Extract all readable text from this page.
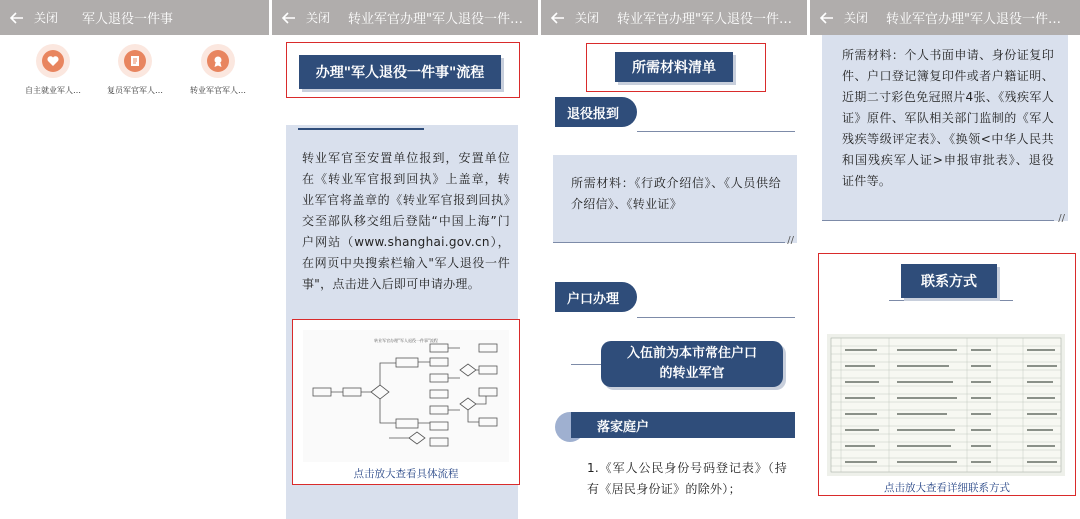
关闭 军人退役一件事
自主就业军人…	复员军官军人…	转业军官军人…
关闭 转业军官办理"军人退役一件…
办理"军人退役一件事"流程

转业军官至安置单位报到，安置单位在《转业军官报到回执》上盖章，转业军官将盖章的《转业军官报到回执》交至部队移交组后登陆“中国上海”门户网站（www.shanghai.gov.cn），在网页中央搜索栏输入"军人退役一件事"，点击进入后即可申请办理。

转业军官办理"军人退役一件事"流程
点击放大查看具体流程
关闭 转业军官办理"军人退役一件…
所需材料清单
退役报到

所需材料：《行政介绍信》、《人员供给介绍信》、《转业证》

//
户口办理
入伍前为本市常住户口的转业军官
落家庭户

1.《军人公民身份号码登记表》（持有《居民身份证》的除外）；

关闭 转业军官办理"军人退役一件…

所需材料：个人书面申请、身份证复印件、户口登记簿复印件或者户籍证明、近期二寸彩色免冠照片4张、《残疾军人证》原件、军队相关部门监制的《军人残疾等级评定表》、《换领<中华人民共和国残疾军人证>申报审批表》、退役证件等。

//
联系方式
点击放大查看详细联系方式
